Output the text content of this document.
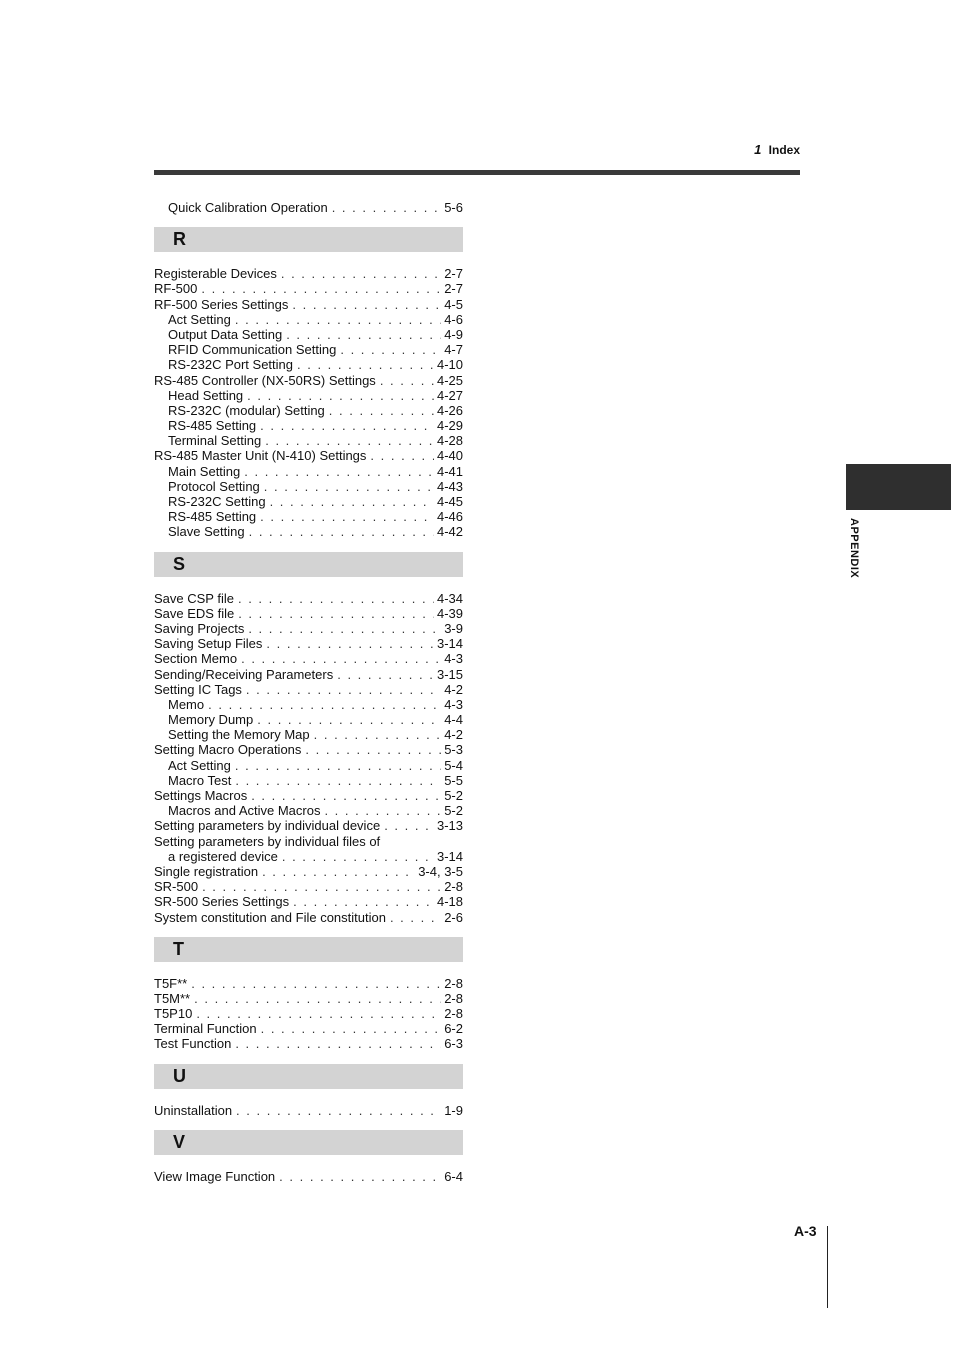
1 Index
Quick Calibration Operation . . .	5-6
R
Registerable Devices . . .	2-7
RF-500 . . .	2-7
RF-500 Series Settings . . .	4-5
Act Setting . . .	4-6
Output Data Setting . . .	4-9
RFID Communication Setting . . .	4-7
RS-232C Port Setting . . .	4-10
RS-485 Controller (NX-50RS) Settings . . .	4-25
Head Setting . . .	4-27
RS-232C (modular) Setting . . .	4-26
RS-485 Setting . . .	4-29
Terminal Setting . . .	4-28
RS-485 Master Unit (N-410) Settings . . .	4-40
Main Setting . . .	4-41
Protocol Setting . . .	4-43
RS-232C Setting . . .	4-45
RS-485 Setting . . .	4-46
Slave Setting . . .	4-42
S
Save CSP file . . .	4-34
Save EDS file . . .	4-39
Saving Projects . . .	3-9
Saving Setup Files . . .	3-14
Section Memo . . .	4-3
Sending/Receiving Parameters . . .	3-15
Setting IC Tags . . .	4-2
Memo . . .	4-3
Memory Dump . . .	4-4
Setting the Memory Map . . .	4-2
Setting Macro Operations . . .	5-3
Act Setting . . .	5-4
Macro Test . . .	5-5
Settings Macros . . .	5-2
Macros and Active Macros . . .	5-2
Setting parameters by individual device . . .	3-13
Setting parameters by individual files of
a registered device . . .	3-14
Single registration . . .	3-4, 3-5
SR-500 . . .	2-8
SR-500 Series Settings . . .	4-18
System constitution and File constitution . . .	2-6
T
T5F** . . .	2-8
T5M** . . .	2-8
T5P10 . . .	2-8
Terminal Function . . .	6-2
Test Function . . .	6-3
U
Uninstallation . . .	1-9
V
View Image Function . . .	6-4
APPENDIX
A-3
